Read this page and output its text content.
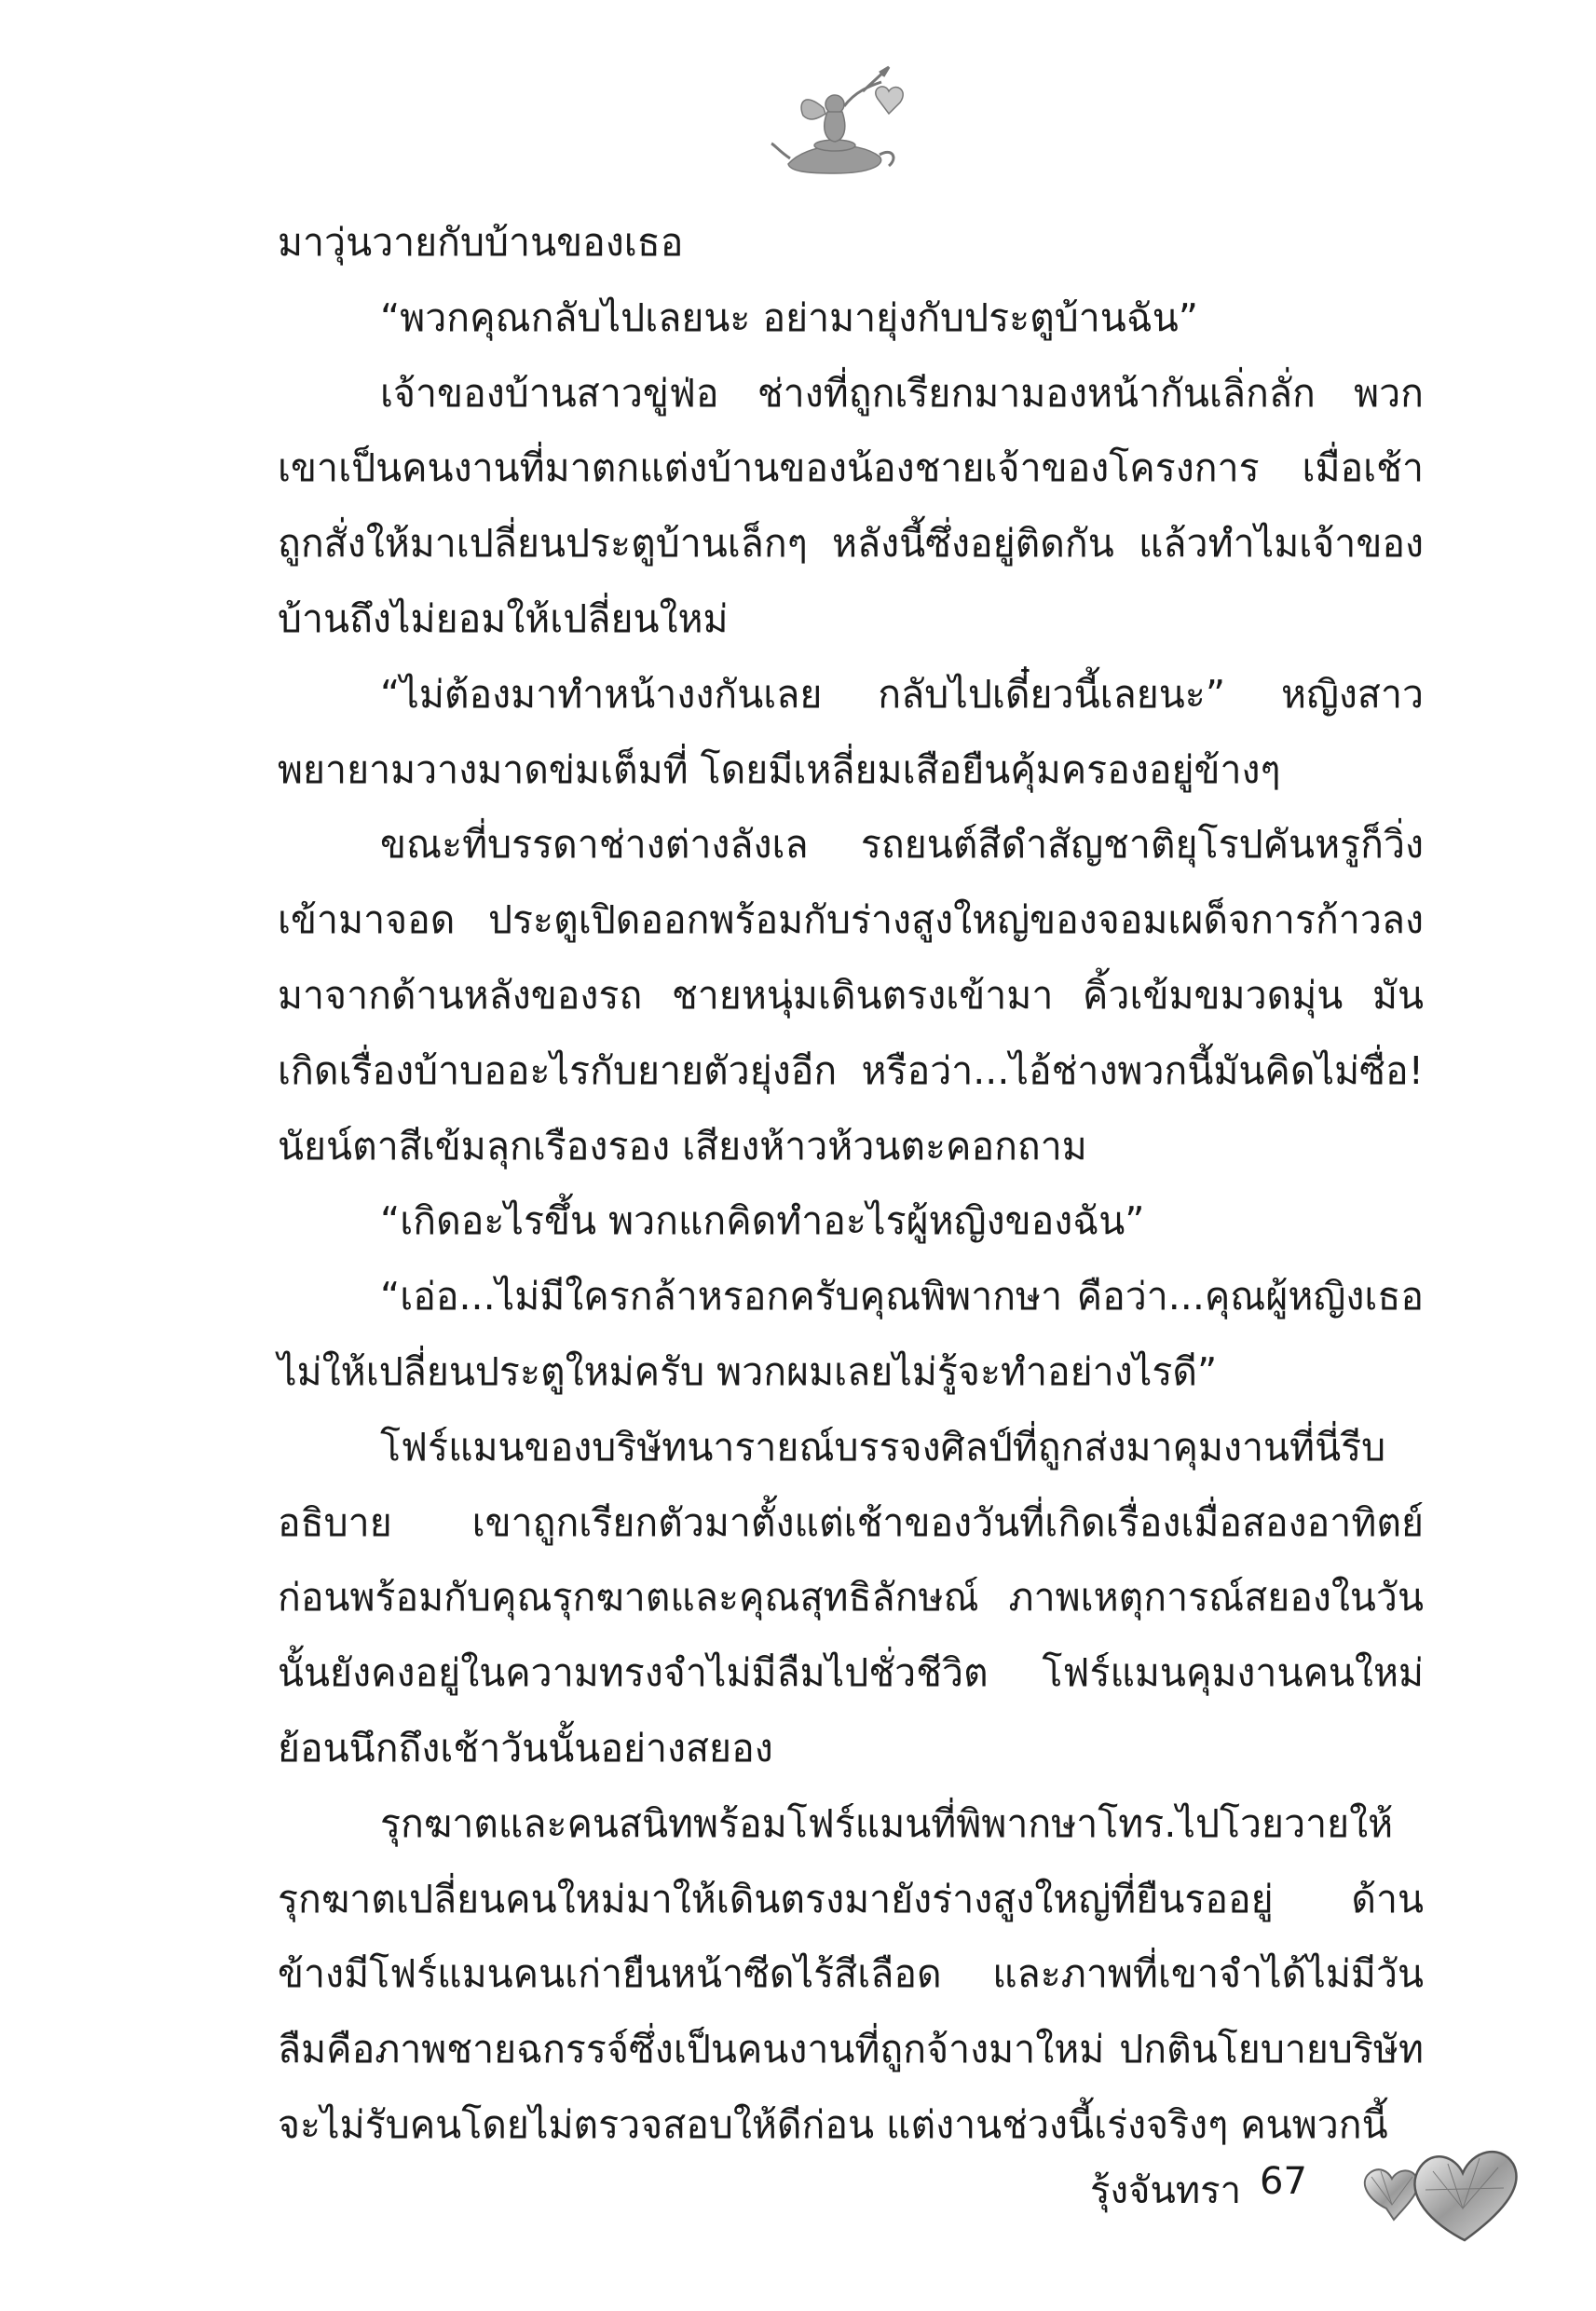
มาวุ่นวายกับบ้านของเธอ

“พวกคุณกลับไปเลยนะ อย่ามายุ่งกับประตูบ้านฉัน”

เจ้าของบ้านสาวขู่ฟ่อ ช่างที่ถูกเรียกมามองหน้ากันเลิ่กลั่ก พวกเขาเป็นคนงานที่มาตกแต่งบ้านของน้องชายเจ้าของโครงการ เมื่อเช้าถูกสั่งให้มาเปลี่ยนประตูบ้านเล็กๆ หลังนี้ซึ่งอยู่ติดกัน แล้วทำไมเจ้าของบ้านถึงไม่ยอมให้เปลี่ยนใหม่

“ไม่ต้องมาทำหน้างงกันเลย กลับไปเดี๋ยวนี้เลยนะ” หญิงสาวพยายามวางมาดข่มเต็มที่ โดยมีเหลี่ยมเสือยืนคุ้มครองอยู่ข้างๆ

ขณะที่บรรดาช่างต่างลังเล รถยนต์สีดำสัญชาติยุโรปคันหรูก็วิ่งเข้ามาจอด ประตูเปิดออกพร้อมกับร่างสูงใหญ่ของจอมเผด็จการก้าวลงมาจากด้านหลังของรถ ชายหนุ่มเดินตรงเข้ามา คิ้วเข้มขมวดมุ่น มันเกิดเรื่องบ้าบออะไรกับยายตัวยุ่งอีก หรือว่า...ไอ้ช่างพวกนี้มันคิดไม่ซื่อ! นัยน์ตาสีเข้มลุกเรืองรอง เสียงห้าวห้วนตะคอกถาม

“เกิดอะไรขึ้น พวกแกคิดทำอะไรผู้หญิงของฉัน”

“เอ่อ...ไม่มีใครกล้าหรอกครับคุณพิพากษา คือว่า...คุณผู้หญิงเธอไม่ให้เปลี่ยนประตูใหม่ครับ พวกผมเลยไม่รู้จะทำอย่างไรดี”

โฟร์แมนของบริษัทนารายณ์บรรจงศิลป์ที่ถูกส่งมาคุมงานที่นี่รีบอธิบาย เขาถูกเรียกตัวมาตั้งแต่เช้าของวันที่เกิดเรื่องเมื่อสองอาทิตย์ก่อนพร้อมกับคุณรุกฆาตและคุณสุทธิลักษณ์ ภาพเหตุการณ์สยองในวันนั้นยังคงอยู่ในความทรงจำไม่มีลืมไปชั่วชีวิต โฟร์แมนคุมงานคนใหม่ย้อนนึกถึงเช้าวันนั้นอย่างสยอง

รุกฆาตและคนสนิทพร้อมโฟร์แมนที่พิพากษาโทร.ไปโวยวายให้รุกฆาตเปลี่ยนคนใหม่มาให้เดินตรงมายังร่างสูงใหญ่ที่ยืนรออยู่ ด้านข้างมีโฟร์แมนคนเก่ายืนหน้าซีดไร้สีเลือด และภาพที่เขาจำได้ไม่มีวันลืมคือภาพชายฉกรรจ์ซึ่งเป็นคนงานที่ถูกจ้างมาใหม่ ปกตินโยบายบริษัทจะไม่รับคนโดยไม่ตรวจสอบให้ดีก่อน แต่งานช่วงนี้เร่งจริงๆ คนพวกนี้

รุ้งจันทรา 67
